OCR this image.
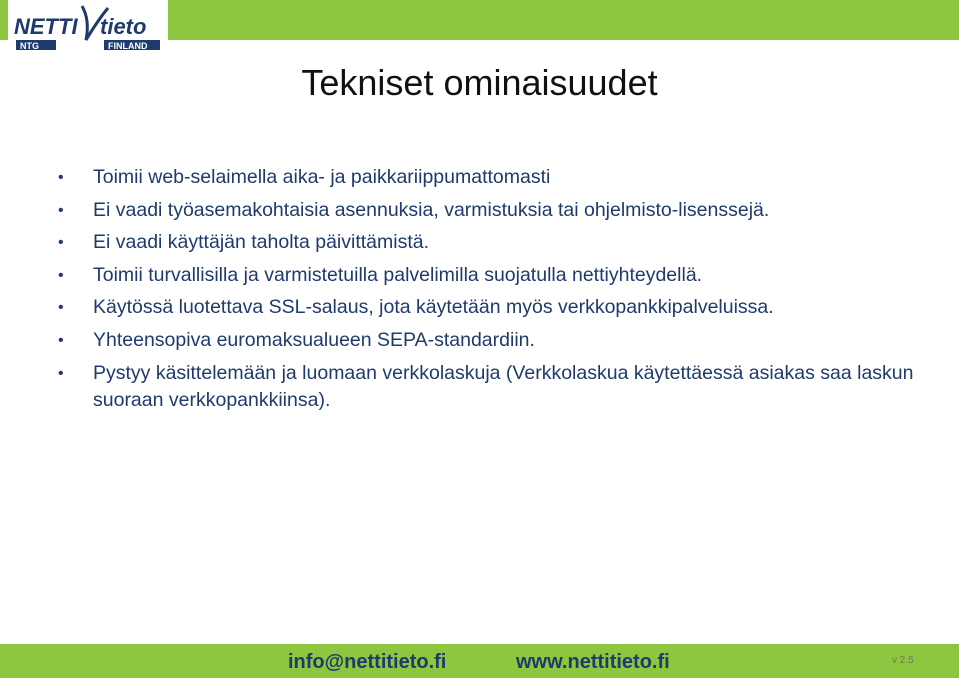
NETTI tieto
NTG	FINLAND
Tekniset ominaisuudet
• Toimii web-selaimella aika- ja paikkariippumattomasti
• Ei vaadi työasemakohtaisia asennuksia, varmistuksia tai ohjelmisto-lisenssejä.
• Ei vaadi käyttäjän taholta päivittämistä.
• Toimii turvallisilla ja varmistetuilla palvelimilla suojatulla nettiyhteydellä.
• Käytössä luotettava SSL-salaus, jota käytetään myös verkkopankkipalveluissa.
• Yhteensopiva euromaksualueen SEPA-standardiin.
• Pystyy käsittelemään ja luomaan verkkolaskuja (Verkkolaskua käytettäessä asiakas saa laskun suoraan verkkopankkiinsa).
info@nettitieto.fi	www.nettitieto.fi	v 2.5
